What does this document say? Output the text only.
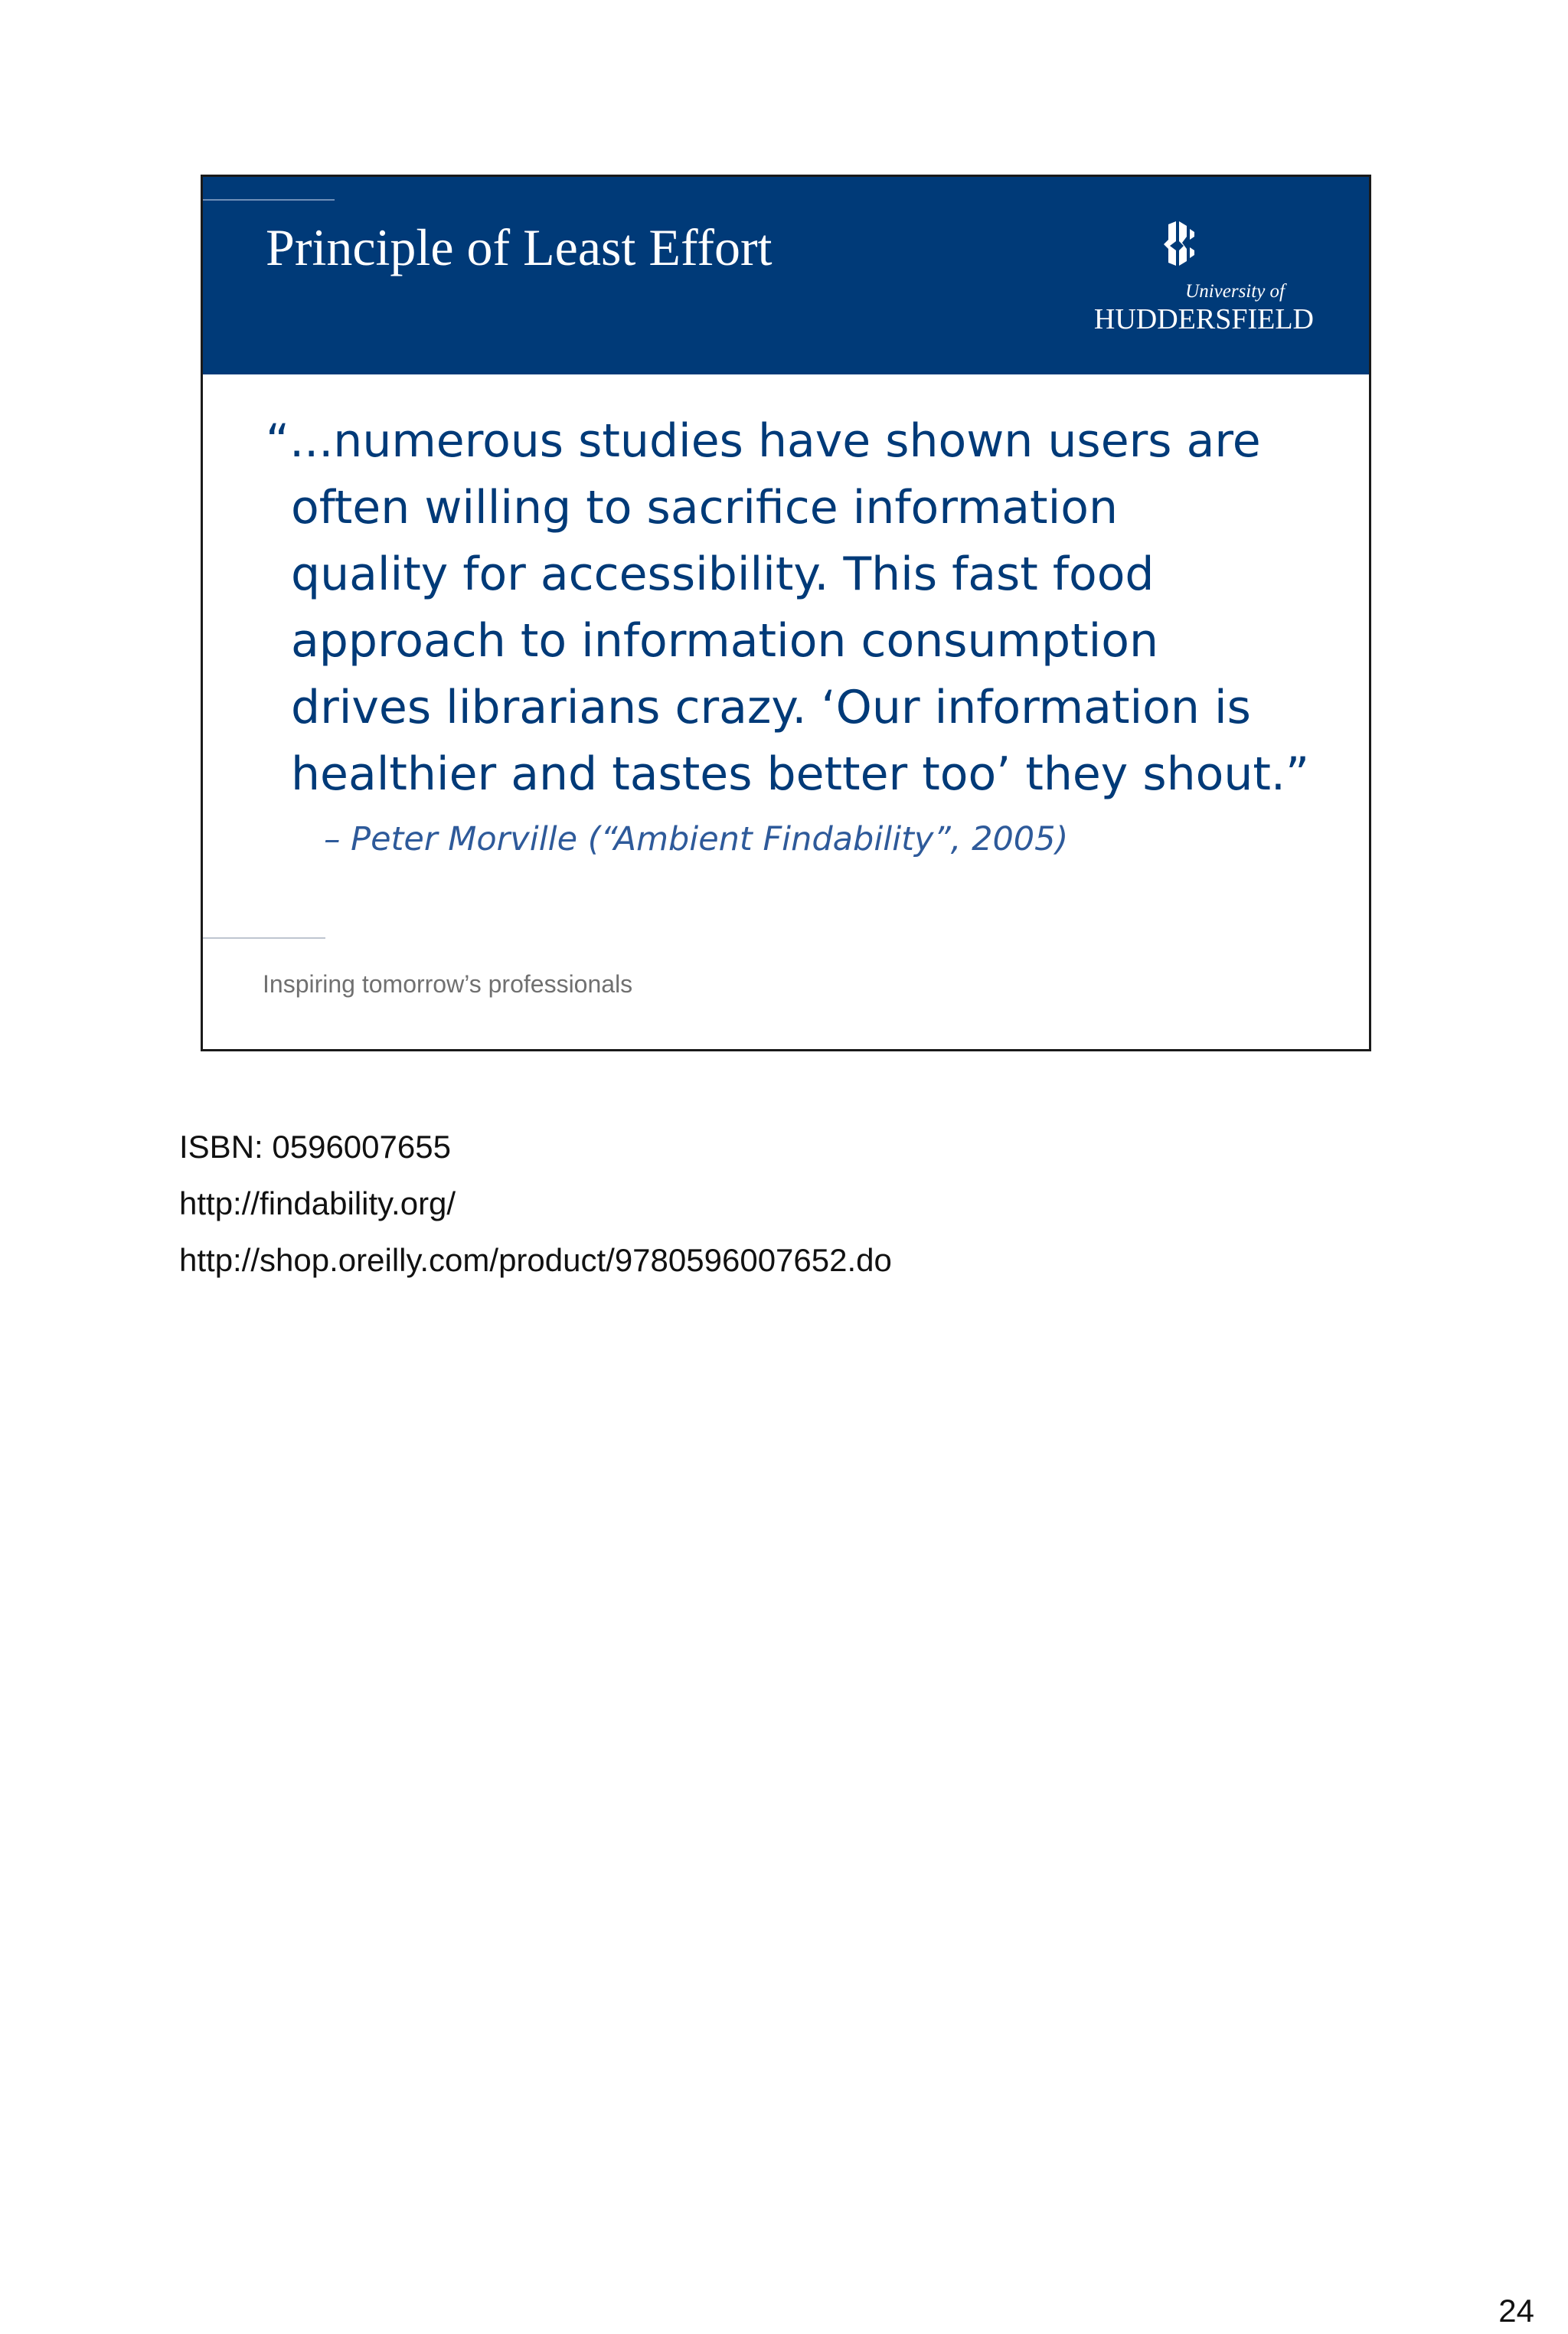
Principle of Least Effort

University of

HUDDERSFIELD

“...numerous studies have shown users are
often willing to sacrifice information
quality for accessibility. This fast food
approach to information consumption
drives librarians crazy. ‘Our information is
healthier and tastes better too’ they shout.”

– Peter Morville (“Ambient Findability”, 2005)

Inspiring tomorrow’s professionals

ISBN: 0596007655
http://findability.org/
http://shop.oreilly.com/product/9780596007652.do

24
